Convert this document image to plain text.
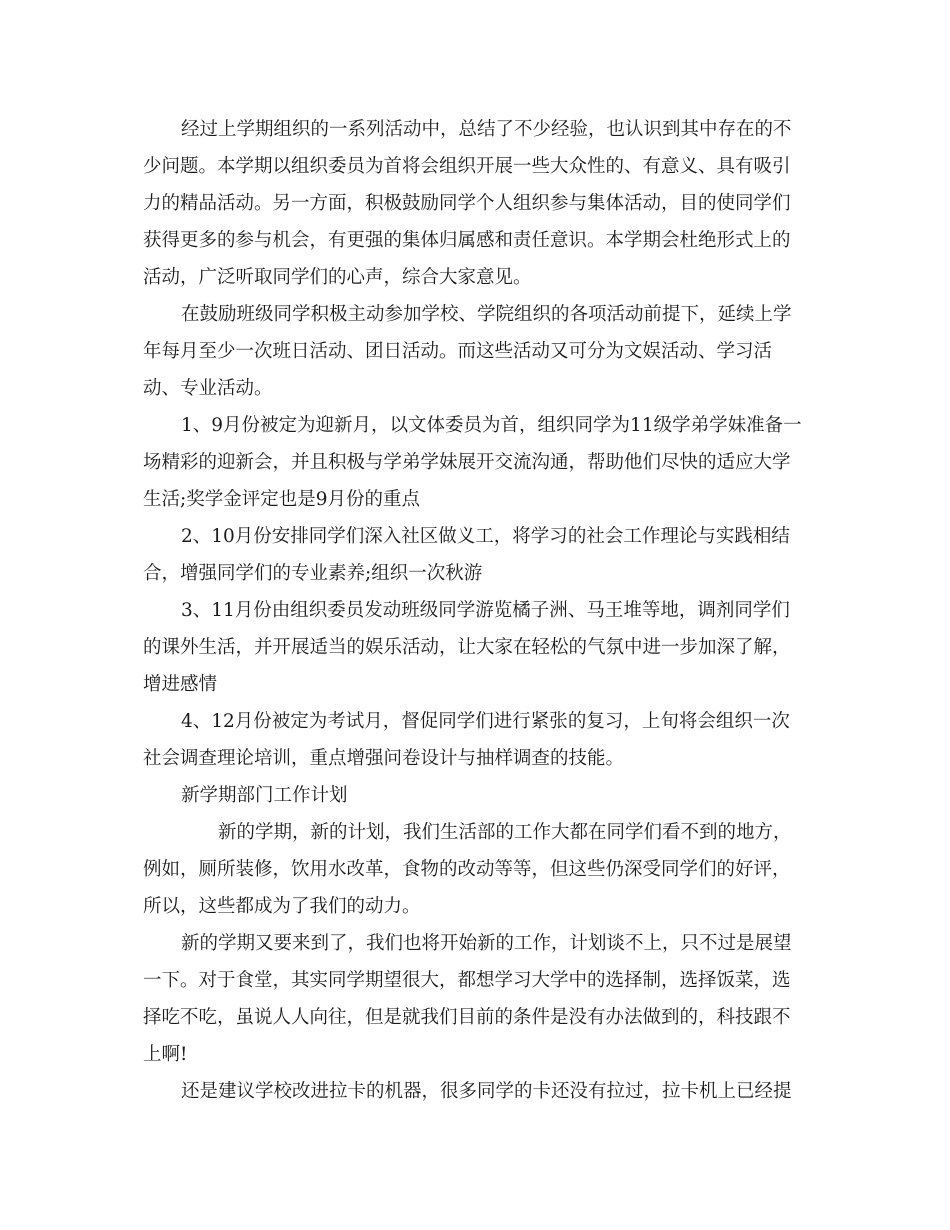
经过上学期组织的一系列活动中，总结了不少经验，也认识到其中存在的不

少问题。本学期以组织委员为首将会组织开展一些大众性的、有意义、具有吸引

力的精品活动。另一方面，积极鼓励同学个人组织参与集体活动，目的使同学们

获得更多的参与机会，有更强的集体归属感和责任意识。本学期会杜绝形式上的

活动，广泛听取同学们的心声，综合大家意见。

在鼓励班级同学积极主动参加学校、学院组织的各项活动前提下，延续上学

年每月至少一次班日活动、团日活动。而这些活动又可分为文娱活动、学习活

动、专业活动。

1、9月份被定为迎新月，以文体委员为首，组织同学为11级学弟学妹准备一

场精彩的迎新会，并且积极与学弟学妹展开交流沟通，帮助他们尽快的适应大学

生活;奖学金评定也是9月份的重点

2、10月份安排同学们深入社区做义工，将学习的社会工作理论与实践相结

合，增强同学们的专业素养;组织一次秋游

3、11月份由组织委员发动班级同学游览橘子洲、马王堆等地，调剂同学们

的课外生活，并开展适当的娱乐活动，让大家在轻松的气氛中进一步加深了解，

增进感情

4、12月份被定为考试月，督促同学们进行紧张的复习，上旬将会组织一次

社会调查理论培训，重点增强问卷设计与抽样调查的技能。

新学期部门工作计划

新的学期，新的计划，我们生活部的工作大都在同学们看不到的地方，

例如，厕所装修，饮用水改革，食物的改动等等，但这些仍深受同学们的好评，

所以，这些都成为了我们的动力。

新的学期又要来到了，我们也将开始新的工作，计划谈不上，只不过是展望

一下。对于食堂，其实同学期望很大，都想学习大学中的选择制，选择饭菜，选

择吃不吃，虽说人人向往，但是就我们目前的条件是没有办法做到的，科技跟不

上啊!

还是建议学校改进拉卡的机器，很多同学的卡还没有拉过，拉卡机上已经提
